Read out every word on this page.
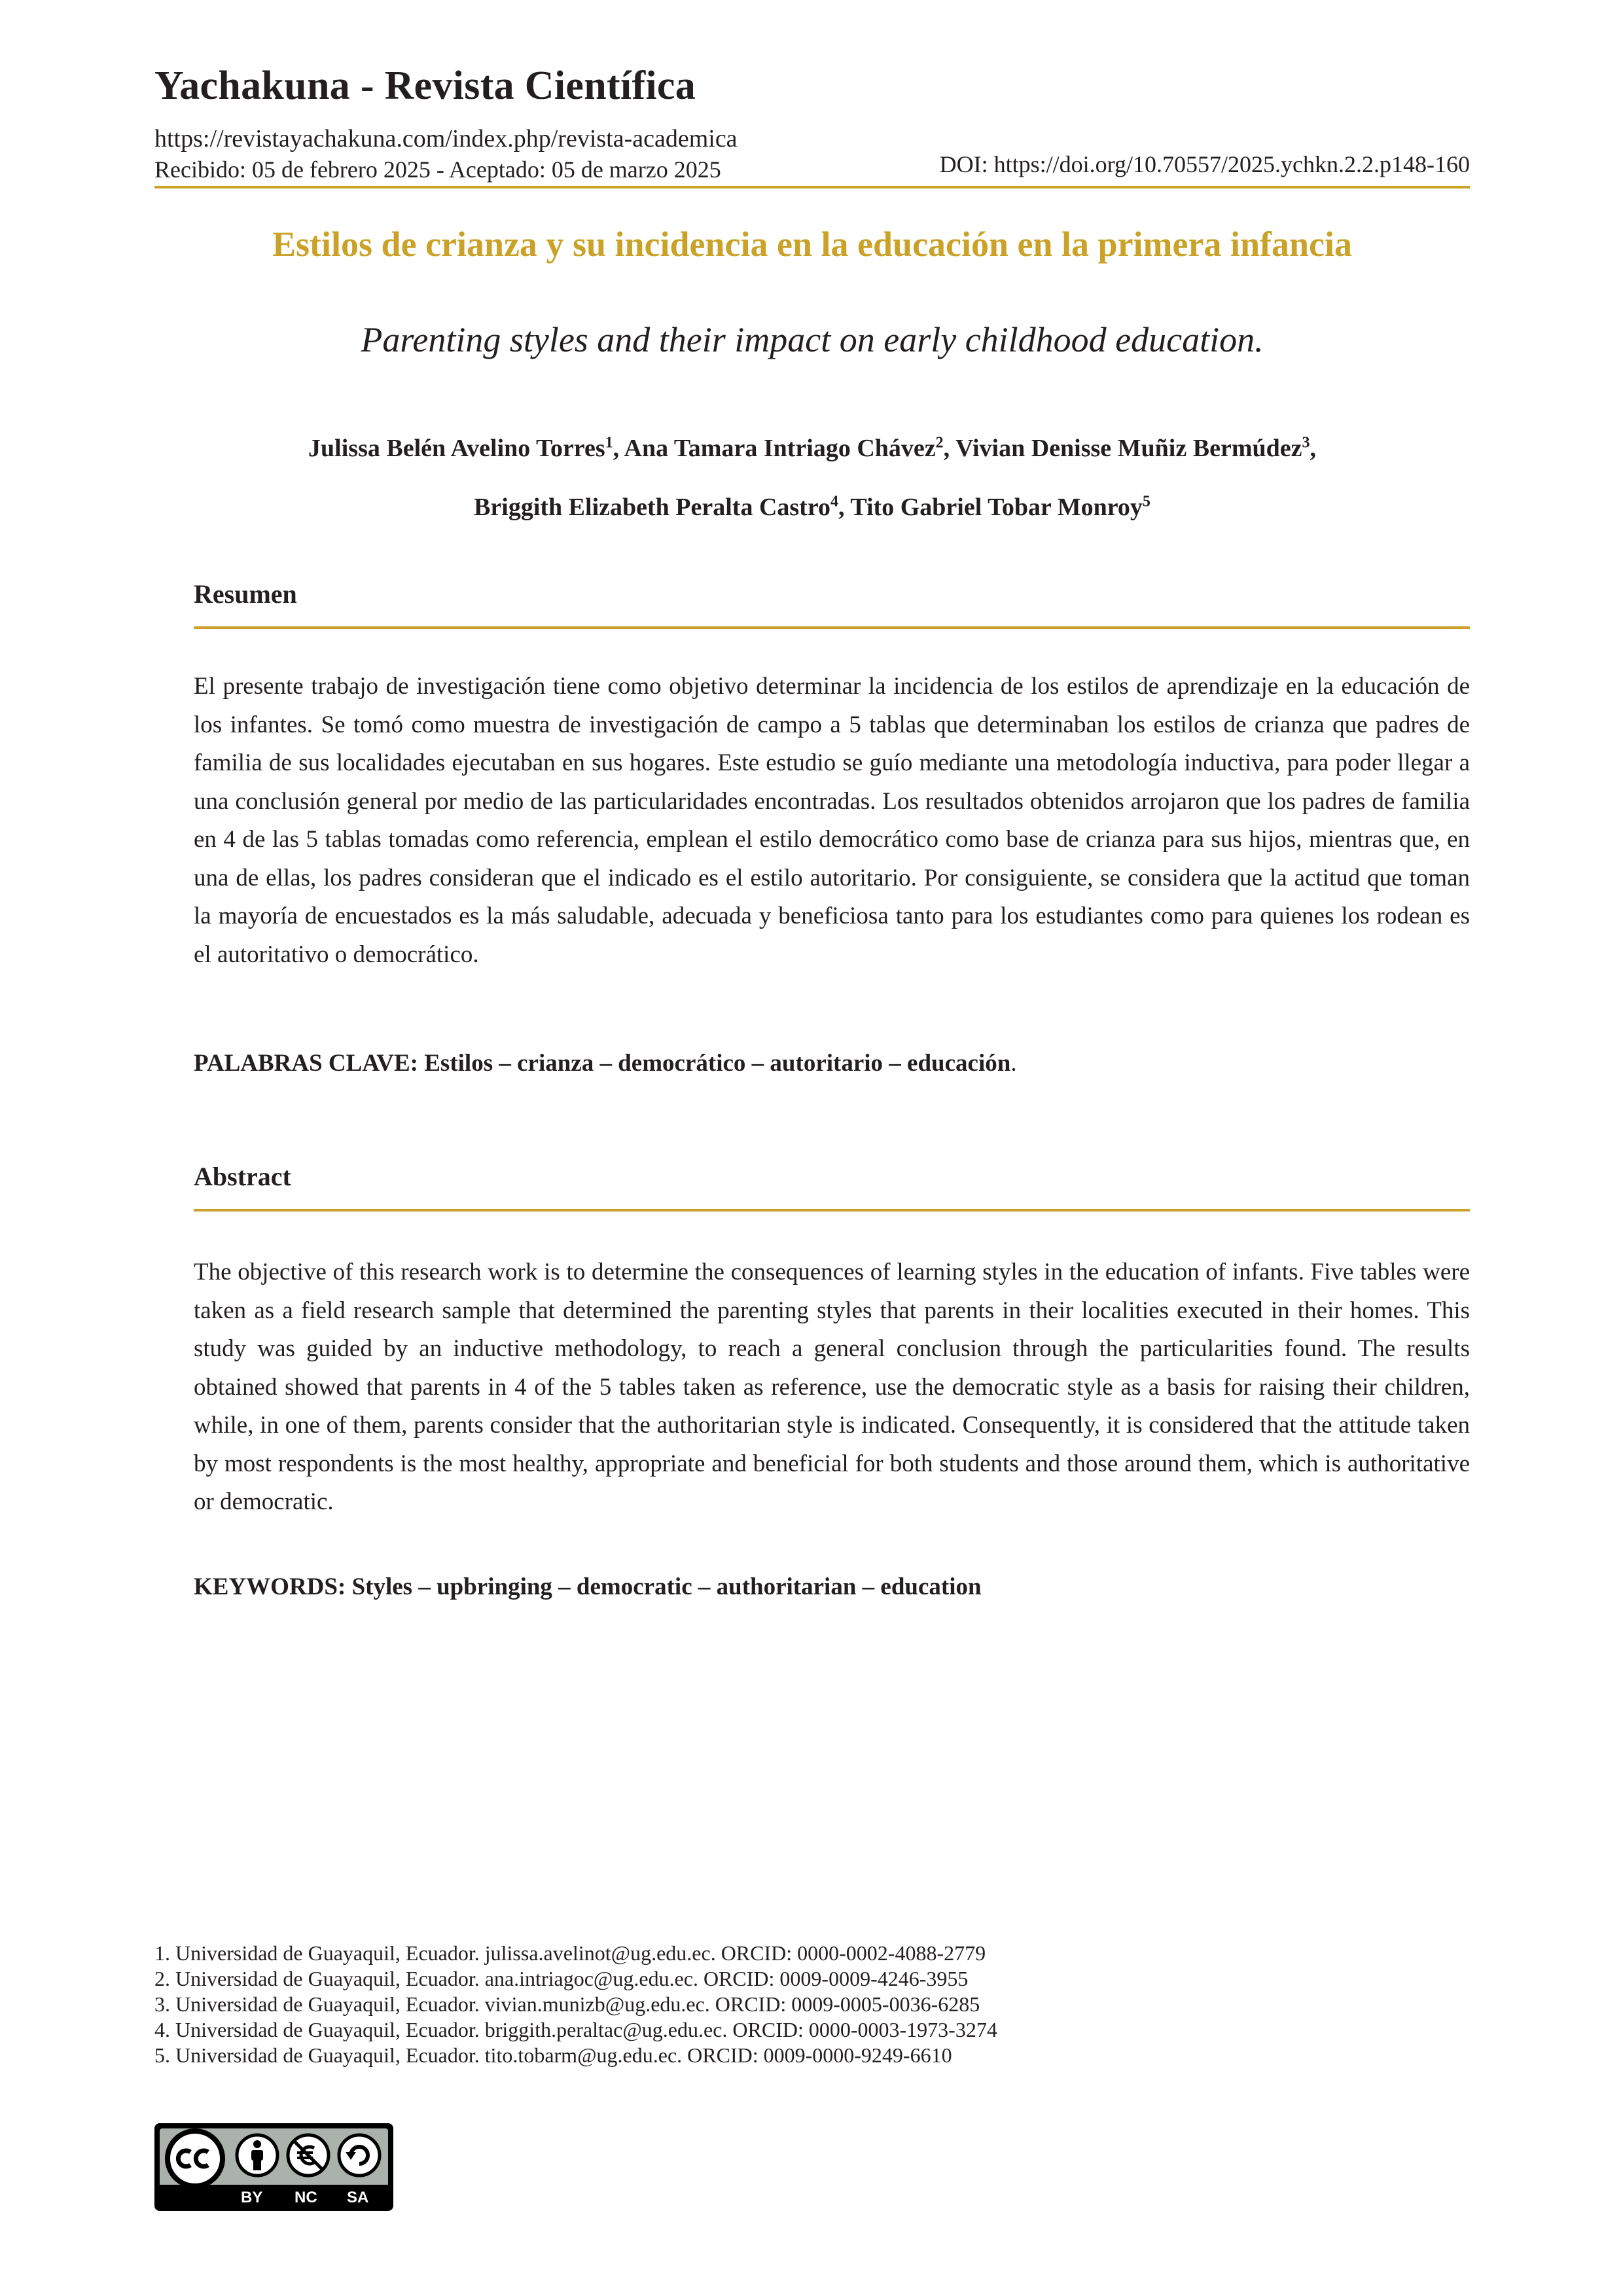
Yachakuna - Revista Científica
https://revistayachakuna.com/index.php/revista-academica
Recibido: 05 de febrero 2025 - Aceptado: 05 de marzo 2025	DOI: https://doi.org/10.70557/2025.ychkn.2.2.p148-160
Estilos de crianza y su incidencia en la educación en la primera infancia
Parenting styles and their impact on early childhood education.
Julissa Belén Avelino Torres$^1$, Ana Tamara Intriago Chávez$^2$, Vivian Denisse Muñiz Bermúdez$^3$,
Briggith Elizabeth Peralta Castro$^4$, Tito Gabriel Tobar Monroy$^5$
Resumen
El presente trabajo de investigación tiene como objetivo determinar la incidencia de los estilos de aprendizaje en la educación de los infantes. Se tomó como muestra de investigación de campo a 5 tablas que determinaban los estilos de crianza que padres de familia de sus localidades ejecutaban en sus hogares. Este estudio se guío mediante una metodología inductiva, para poder llegar a una conclusión general por medio de las particularidades encontradas. Los resultados obtenidos arrojaron que los padres de familia en 4 de las 5 tablas tomadas como referencia, emplean el estilo democrático como base de crianza para sus hijos, mientras que, en una de ellas, los padres consideran que el indicado es el estilo autoritario. Por consiguiente, se considera que la actitud que toman la mayoría de encuestados es la más saludable, adecuada y beneficiosa tanto para los estudiantes como para quienes los rodean es el autoritativo o democrático.
PALABRAS CLAVE: Estilos – crianza – democrático – autoritario – educación.
Abstract
The objective of this research work is to determine the consequences of learning styles in the education of infants. Five tables were taken as a field research sample that determined the parenting styles that parents in their localities executed in their homes. This study was guided by an inductive methodology, to reach a general conclusion through the particularities found. The results obtained showed that parents in 4 of the 5 tables taken as reference, use the democratic style as a basis for raising their children, while, in one of them, parents consider that the authoritarian style is indicated. Consequently, it is considered that the attitude taken by most respondents is the most healthy, appropriate and beneficial for both students and those around them, which is authoritative or democratic.
KEYWORDS: Styles – upbringing – democratic – authoritarian – education
1. Universidad de Guayaquil, Ecuador. julissa.avelinot@ug.edu.ec. ORCID: 0000-0002-4088-2779
2. Universidad de Guayaquil, Ecuador. ana.intriagoc@ug.edu.ec. ORCID: 0009-0009-4246-3955
3. Universidad de Guayaquil, Ecuador. vivian.munizb@ug.edu.ec. ORCID: 0009-0005-0036-6285
4. Universidad de Guayaquil, Ecuador. briggith.peraltac@ug.edu.ec. ORCID: 0000-0003-1973-3274
5. Universidad de Guayaquil, Ecuador. tito.tobarm@ug.edu.ec. ORCID: 0009-0000-9249-6610
BY NC SA
